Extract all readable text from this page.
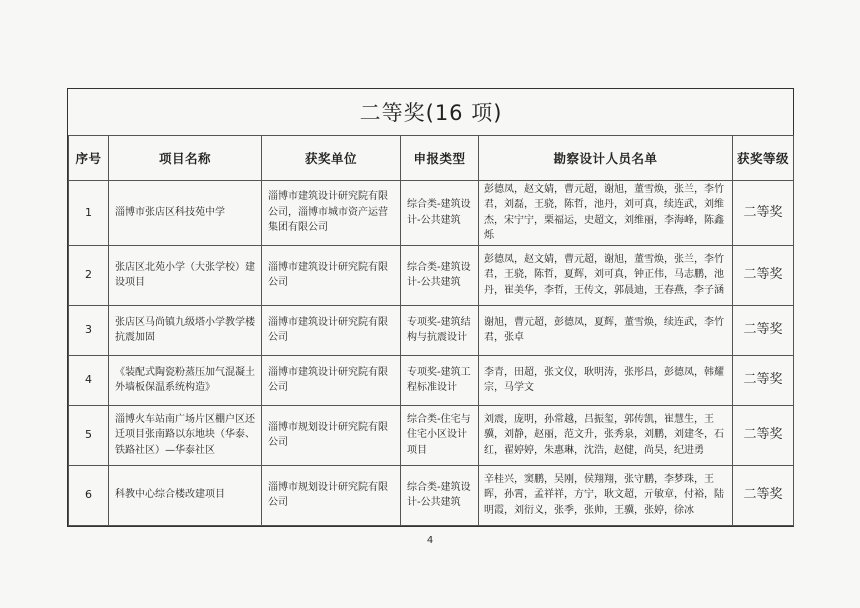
二等奖(16 项)					
序号	项目名称	获奖单位	申报类型	勘察设计人员名单	获奖等级
1	淄博市张店区科技苑中学	淄博市建筑设计研究院有限公司，淄博市城市资产运营集团有限公司	综合类-建筑设计-公共建筑	彭德凤，赵文婧，曹元超，谢旭，董雪焕，张兰，李竹君，刘磊，王骁，陈哲，池丹，刘可真，续连武，刘维杰，宋宁宁，栗福运，史超文，刘维丽，李海峰，陈鑫烁	二等奖
2	张店区北苑小学（大张学校）建设项目	淄博市建筑设计研究院有限公司	综合类-建筑设计-公共建筑	彭德凤，赵文婧，曹元超，谢旭，董雪焕，张兰，李竹君，王骁，陈哲，夏辉，刘可真，钟正伟，马志鹏，池丹，崔美华，李哲，王传文，郭晨迪，王春燕，李子涵	二等奖
3	张店区马尚镇九级塔小学教学楼抗震加固	淄博市建筑设计研究院有限公司	专项奖-建筑结构与抗震设计	谢旭，曹元超，彭德凤，夏辉，董雪焕，续连武，李竹君，张卓	二等奖
4	《装配式陶瓷粉蒸压加气混凝土外墙板保温系统构造》	淄博市建筑设计研究院有限公司	专项奖-建筑工程标准设计	李青，田超，张文仪，耿明涛，张彤昌，彭德凤，韩耀宗，马学文	二等奖
5	淄博火车站南广场片区棚户区还迁项目张南路以东地块（华泰、铁路社区）—华泰社区	淄博市规划设计研究院有限公司	综合类-住宅与住宅小区设计项目	刘震，庞明，孙常越，吕振玺，郭传凯，崔慧生，王骥，刘静，赵丽，范文升，张秀泉，刘鹏，刘建冬，石红，翟婷婷，朱惠琳，沈浩，赵健，尚昊，纪进勇	二等奖
6	科教中心综合楼改建项目	淄博市规划设计研究院有限公司	综合类-建筑设计-公共建筑	辛桂兴，窦鹏，吴刚，侯翔翔，张守鹏，李梦珠，王晖，孙霄，孟祥祥，方宁，耿文超，亓敏章，付裕，陆明霞，刘衍义，张季，张帅，王骥，张婷，徐冰	二等奖
4
